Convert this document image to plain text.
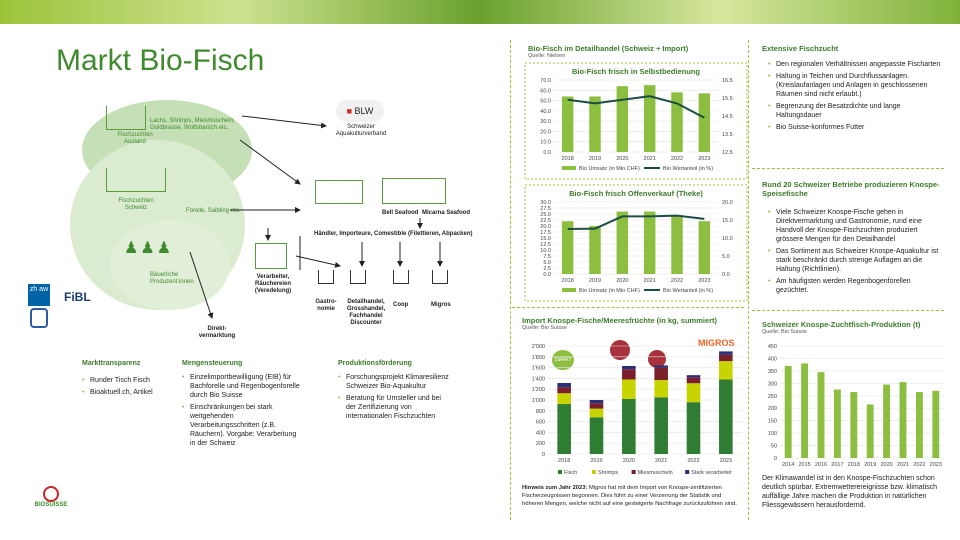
Markt Bio-Fisch
Lachs, Shrimps, Miesmuscheln, Goldbrasse, Wolfsbarsch etc.
Fischzuchten Ausland
Fischzuchten Schweiz	Forelle, Saibling etc.
♟♟♟
Bäuerliche Produzent:innen
■ BLW
Schweizer Aquakulturverband
Bell Seafood Micarna Seafood
Händler, Importeure, Comestible (Filettieren, Abpacken)
Verarbeiter, Räuchereien (Veredelung)
Gastro-nomie
Detailhandel, Grosshandel, Fachhandel Discounter
Coop	Migros
Direkt-vermarktung
zh aw
FiBL
Markttransparenz
• Runder Tisch Fisch
• Bioaktuell.ch, Artikel
Mengensteuerung
• Einzelimportbewilligung (EIB) für Bachforelle und Regenbogenforelle durch Bio Suisse
• Einschränkungen bei stark weitgehenden Verarbeitungsschritten (z.B. Räuchern). Vorgabe: Verarbeitung in der Schweiz
Produktionsförderung
• Forschungsprojekt Klimaresilienz Schweizer Bio-Aquakultur
• Beratung für Umsteller und bei der Zertifizierung von internationalen Fischzuchten
BIOSUISSE
Bio-Fisch im Detailhandel (Schweiz + Import)
Quelle: Nielsen
Bio-Fisch frisch in Selbstbedienung
0.0
10.0
20.0
30.0
40.0
50.0
60.0
70.0
12.5
13.5
14.5
15.5
16.5
2018	2019	2020	2021	2022	2023
Bio Umsatz (in Mio CHF)	Bio Wertanteil (in %)
Bio-Fisch frisch Offenverkauf (Theke)
0.0
2.5
5.0
7.5
10.0
12.5
15.0
17.5
20.0
22.5
25.0
27.5
30.0
0.0
5.0
10.0
15.0
20.0
2018	2019	2020	2021	2022	2023
Bio Umsatz (in Mio CHF)	Bio Wertanteil (in %)
Import Knospe-Fische/Meeresfrüchte (in kg, summiert)
Quelle: Bio Suisse
MIGROS
SMART
0
200
400
600
800
1'000
1'200
1'400
1'600
1'800
2'000
2018	2019	2020	2021	2022	2023
Fisch	Shrimps	Miesmuscheln	Stark verarbeitet
Hinweis zum Jahr 2023: Migros hat mit dem Import von Knospe-zertifizierten Fischerzeugnissen begonnen. Dies führt zu einer Verzerrung der Statistik und höheren Mengen, welche nicht auf eine gesteigerte Nachfrage zurückzuführen sind.
Extensive Fischzucht
• Den regionalen Verhältnissen angepasste Fischarten
• Haltung in Teichen und Durchflussanlagen. (Kreislaufanlagen und Anlagen in geschlossenen Räumen sind nicht erlaubt.)
• Begrenzung der Besatzdichte und lange Haltungsdauer
• Bio Suisse-konformes Futter
Rund 20 Schweizer Betriebe produzieren Knospe-Speisefische
• Viele Schweizer Knospe-Fische gehen in Direktvermarktung und Gastronomie, rund eine Handvoll der Knospe-Fischzuchten produziert grössere Mengen für den Detailhandel
• Das Sortiment aus Schweizer Knospe-Aquakultur ist stark beschränkt durch strenge Auflagen an die Haltung (Richtlinien).
• Am häufigsten werden Regenbogenforellen gezüchtet.
Schweizer Knospe-Zuchtfisch-Produktion (t)
Quelle: Bio Suisse
0
50
100
150
200
250
300
350
400
450
2014 2015 2016 2017 2018 2019 2020 2021 2022 2023
Der Klimawandel ist in den Knospe-Fischzuchten schon deutlich spürbar. Extremwetterereignisse bzw. klimatisch auffällige Jahre machen die Produktion in natürlichen Fliessgewässern herausfordernd.
